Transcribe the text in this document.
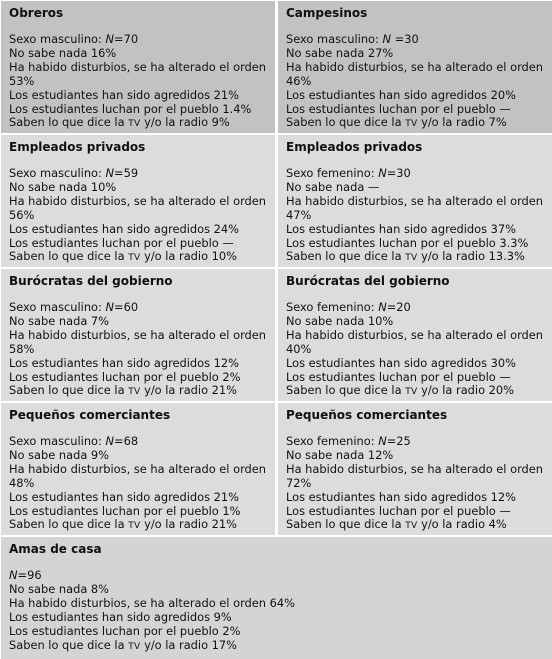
Obreros

Sexo masculino: N=70

No sabe nada 16%

Ha habido disturbios, se ha alterado el orden 53%

Los estudiantes han sido agredidos 21%

Los estudiantes luchan por el pueblo 1.4%

Saben lo que dice la TV y/o la radio 9%

Campesinos

Sexo masculino: N =30

No sabe nada 27%

Ha habido disturbios, se ha alterado el orden 46%

Los estudiantes han sido agredidos 20%

Los estudiantes luchan por el pueblo —

Saben lo que dice la TV y/o la radio 7%

Empleados privados

Sexo masculino: N=59

No sabe nada 10%

Ha habido disturbios, se ha alterado el orden 56%

Los estudiantes han sido agredidos 24%

Los estudiantes luchan por el pueblo —

Saben lo que dice la TV y/o la radio 10%

Empleados privados

Sexo femenino: N=30

No sabe nada —

Ha habido disturbios, se ha alterado el orden 47%

Los estudiantes han sido agredidos 37%

Los estudiantes luchan por el pueblo 3.3%

Saben lo que dice la TV y/o la radio 13.3%

Burócratas del gobierno

Sexo masculino: N=60

No sabe nada 7%

Ha habido disturbios, se ha alterado el orden 58%

Los estudiantes han sido agredidos 12%

Los estudiantes luchan por el pueblo 2%

Saben lo que dice la TV y/o la radio 21%

Burócratas del gobierno

Sexo femenino: N=20

No sabe nada 10%

Ha habido disturbios, se ha alterado el orden 40%

Los estudiantes han sido agredidos 30%

Los estudiantes luchan por el pueblo —

Saben lo que dice la TV y/o la radio 20%

Pequeños comerciantes

Sexo masculino: N=68

No sabe nada 9%

Ha habido disturbios, se ha alterado el orden 48%

Los estudiantes han sido agredidos 21%

Los estudiantes luchan por el pueblo 1%

Saben lo que dice la TV y/o la radio 21%

Pequeños comerciantes

Sexo femenino: N=25

No sabe nada 12%

Ha habido disturbios, se ha alterado el orden 72%

Los estudiantes han sido agredidos 12%

Los estudiantes luchan por el pueblo —

Saben lo que dice la TV y/o la radio 4%

Amas de casa

N=96

No sabe nada 8%

Ha habido disturbios, se ha alterado el orden 64%

Los estudiantes han sido agredidos 9%

Los estudiantes luchan por el pueblo 2%

Saben lo que dice la TV y/o la radio 17%
